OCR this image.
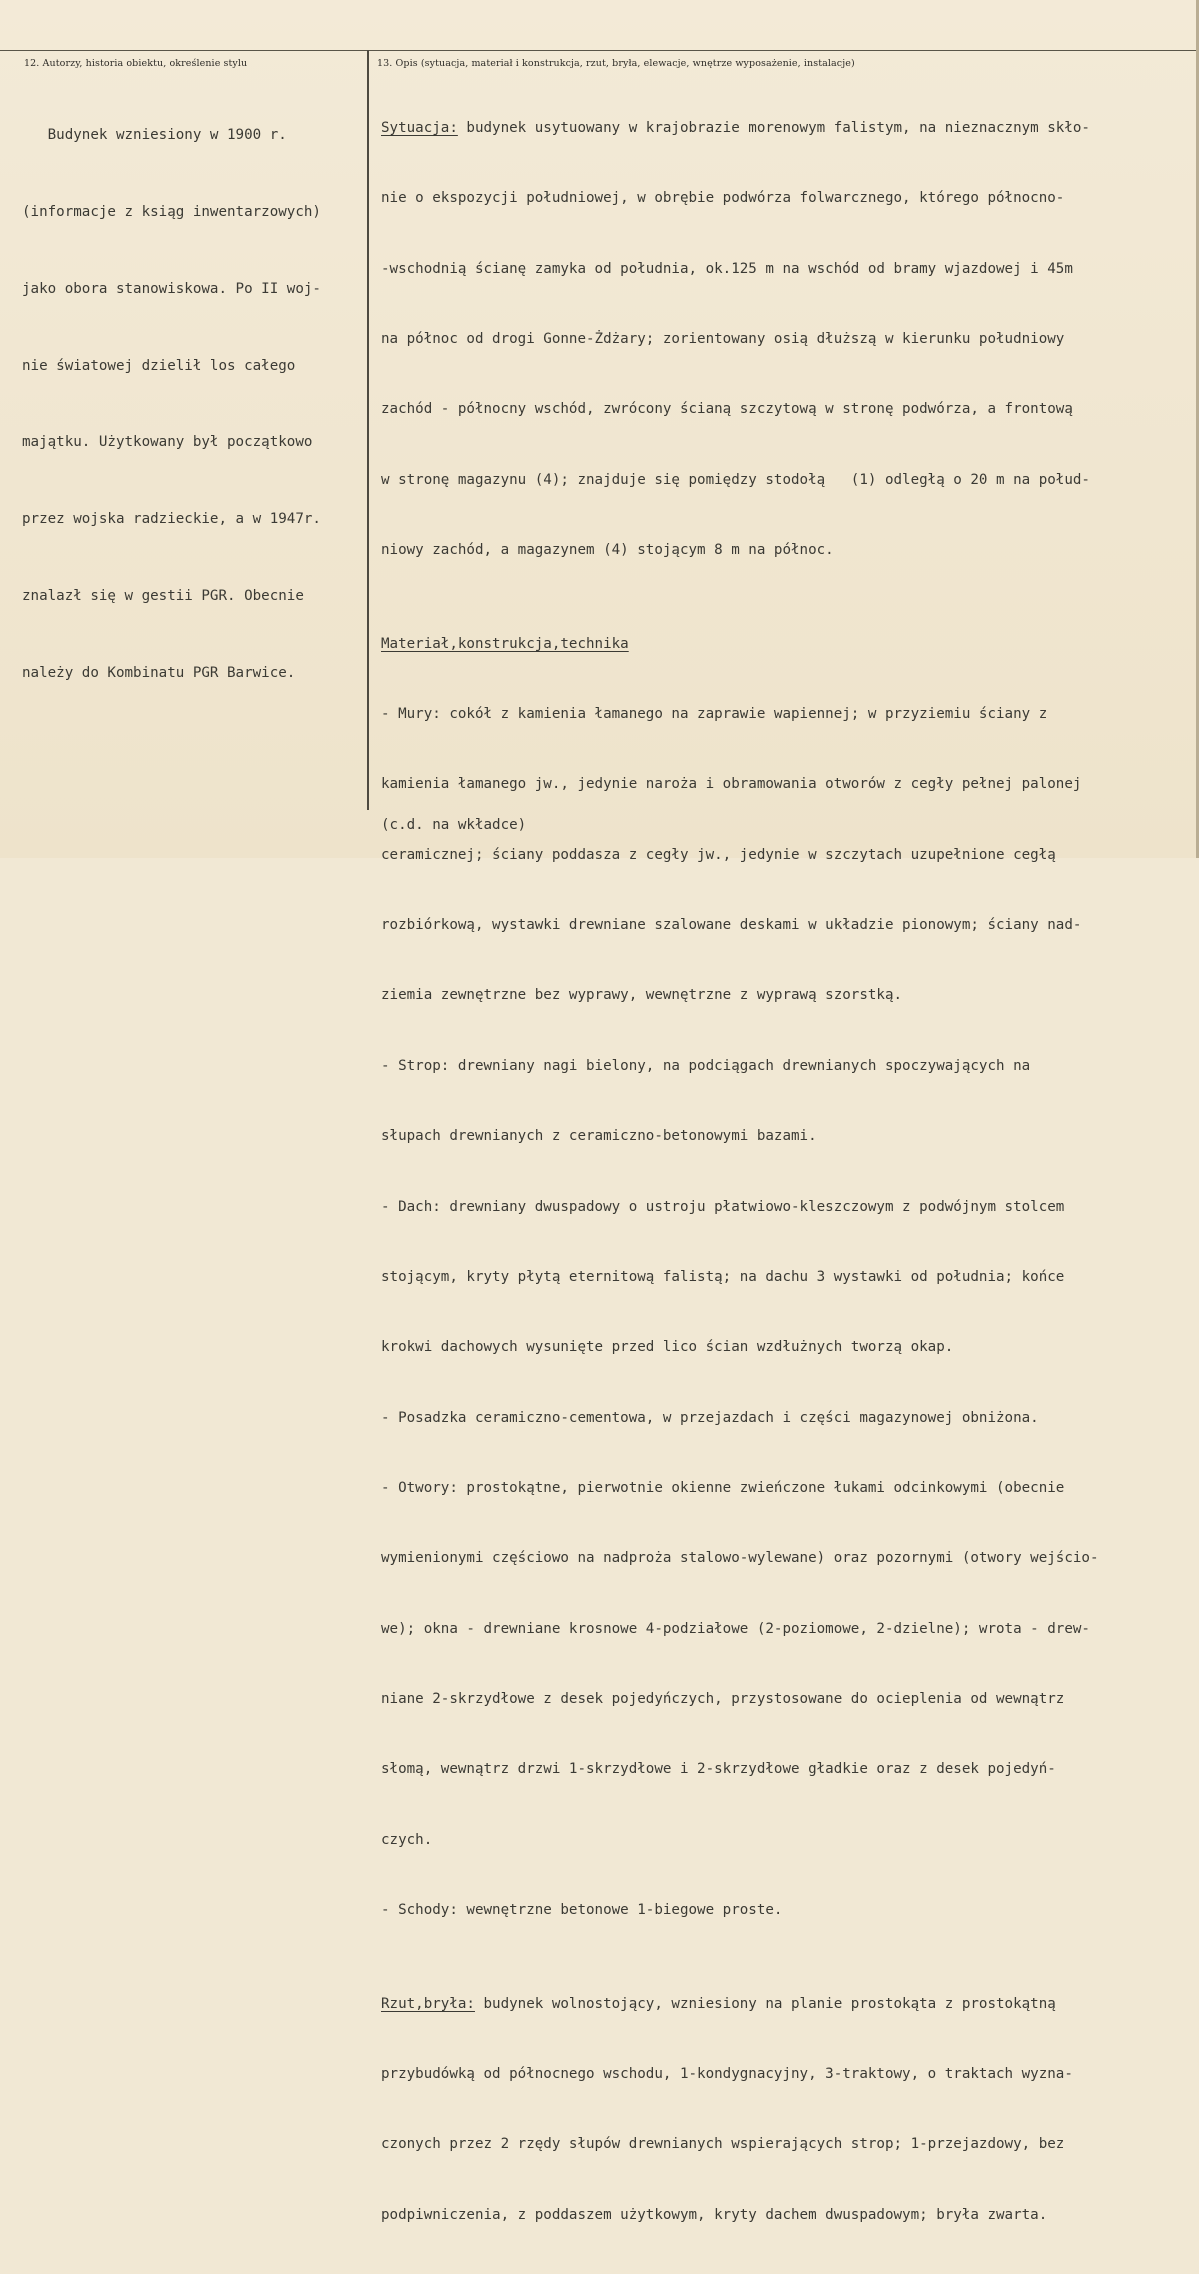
12. Autorzy, historia obiektu, określenie stylu	13. Opis (sytuacja, materiał i konstrukcja, rzut, bryła, elewacje, wnętrze wyposażenie, instalacje)

Budynek wzniesiony w 1900 r.

(informacje z ksiąg inwentarzowych)

jako obora stanowiskowa. Po II woj-

nie światowej dzielił los całego

majątku. Użytkowany był początkowo

przez wojska radzieckie, a w 1947r.

znalazł się w gestii PGR. Obecnie

należy do Kombinatu PGR Barwice.

Sytuacja: budynek usytuowany w krajobrazie morenowym falistym, na nieznacznym skło-

nie o ekspozycji południowej, w obrębie podwórza folwarcznego, którego północno-

-wschodnią ścianę zamyka od południa, ok.125 m na wschód od bramy wjazdowej i 45m

na północ od drogi Gonne-Żdżary; zorientowany osią dłuższą w kierunku południowy

zachód - północny wschód, zwrócony ścianą szczytową w stronę podwórza, a frontową

w stronę magazynu (4); znajduje się pomiędzy stodołą   (1) odległą o 20 m na połud-

niowy zachód, a magazynem (4) stojącym 8 m na północ.

Materiał,konstrukcja,technika

- Mury: cokół z kamienia łamanego na zaprawie wapiennej; w przyziemiu ściany z

kamienia łamanego jw., jedynie naroża i obramowania otworów z cegły pełnej palonej

ceramicznej; ściany poddasza z cegły jw., jedynie w szczytach uzupełnione cegłą

rozbiórkową, wystawki drewniane szalowane deskami w układzie pionowym; ściany nad-

ziemia zewnętrzne bez wyprawy, wewnętrzne z wyprawą szorstką.

- Strop: drewniany nagi bielony, na podciągach drewnianych spoczywających na

słupach drewnianych z ceramiczno-betonowymi bazami.

- Dach: drewniany dwuspadowy o ustroju płatwiowo-kleszczowym z podwójnym stolcem

stojącym, kryty płytą eternitową falistą; na dachu 3 wystawki od południa; końce

krokwi dachowych wysunięte przed lico ścian wzdłużnych tworzą okap.

- Posadzka ceramiczno-cementowa, w przejazdach i części magazynowej obniżona.

- Otwory: prostokątne, pierwotnie okienne zwieńczone łukami odcinkowymi (obecnie

wymienionymi częściowo na nadproża stalowo-wylewane) oraz pozornymi (otwory wejścio-

we); okna - drewniane krosnowe 4-podziałowe (2-poziomowe, 2-dzielne); wrota - drew-

niane 2-skrzydłowe z desek pojedyńczych, przystosowane do ocieplenia od wewnątrz

słomą, wewnątrz drzwi 1-skrzydłowe i 2-skrzydłowe gładkie oraz z desek pojedyń-

czych.

- Schody: wewnętrzne betonowe 1-biegowe proste.

Rzut,bryła: budynek wolnostojący, wzniesiony na planie prostokąta z prostokątną

przybudówką od północnego wschodu, 1-kondygnacyjny, 3-traktowy, o traktach wyzna-

czonych przez 2 rzędy słupów drewnianych wspierających strop; 1-przejazdowy, bez

podpiwniczenia, z poddaszem użytkowym, kryty dachem dwuspadowym; bryła zwarta.

(c.d. na wkładce)
